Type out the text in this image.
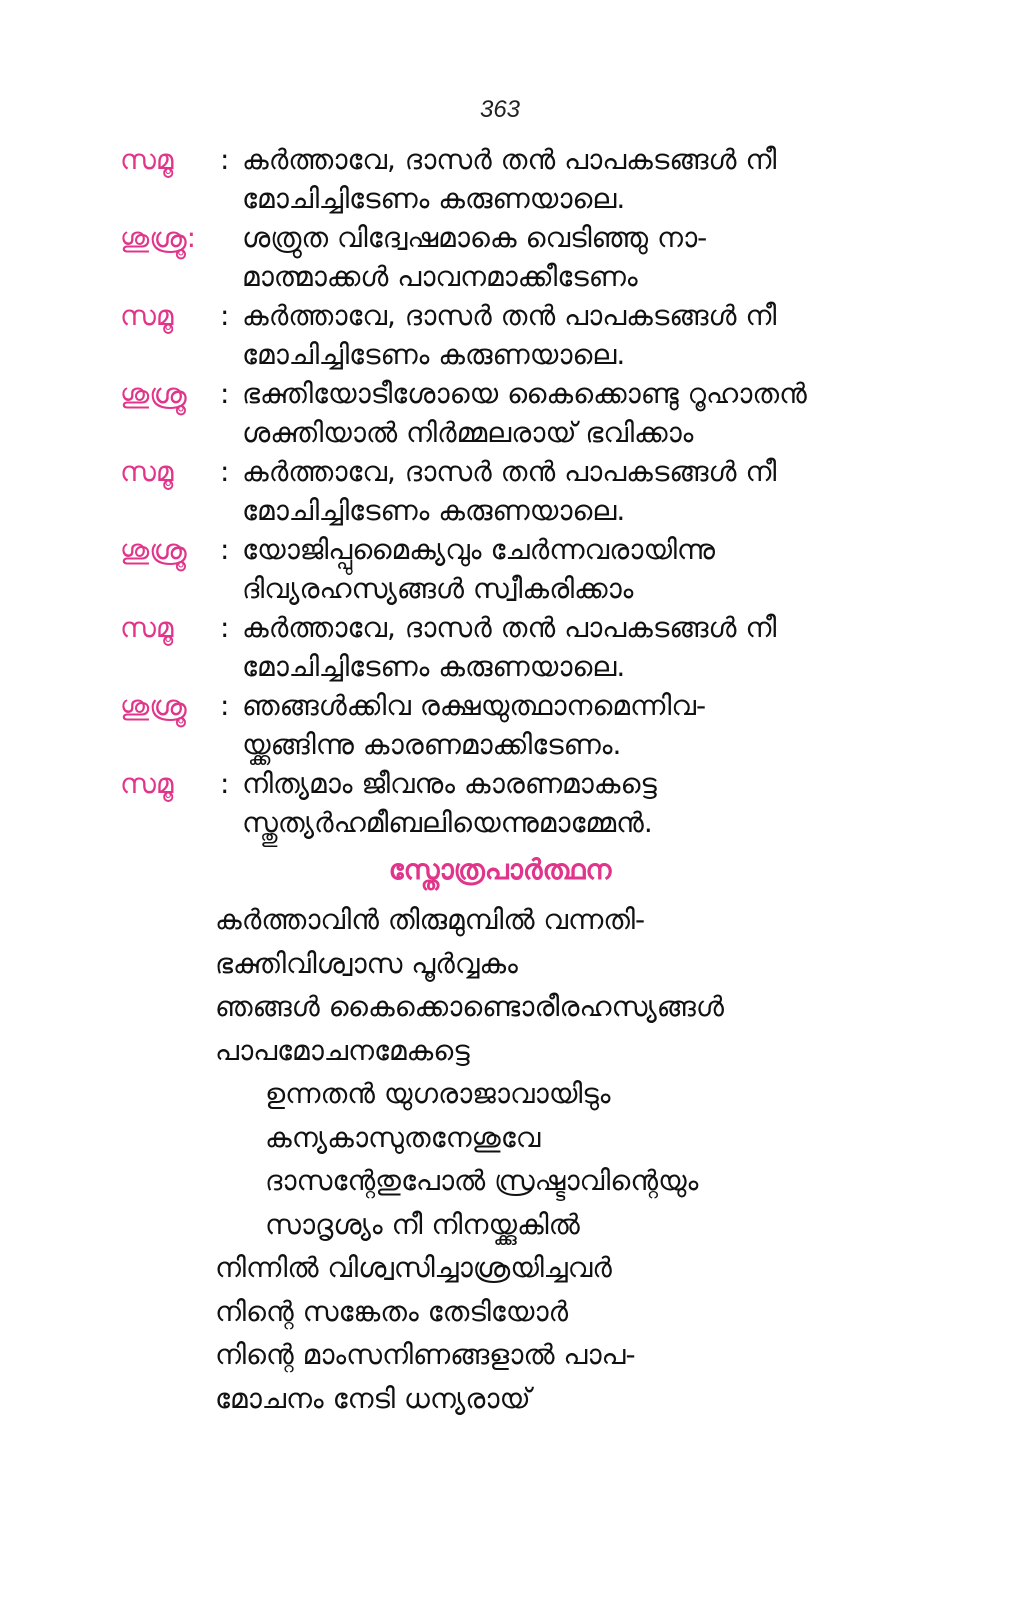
363
സമൂ	: കർത്താവേ, ദാസർ തൻ പാപകടങ്ങൾ നീ
മോചിച്ചിടേണം കരുണയാലെ.
ശുശ്രൂ:	ശത്രുത വിദ്വേഷമാകെ വെടിഞ്ഞു നാ-
മാത്മാക്കൾ പാവനമാക്കീടേണം
സമൂ	: കർത്താവേ, ദാസർ തൻ പാപകടങ്ങൾ നീ
മോചിച്ചിടേണം കരുണയാലെ.
ശുശ്രൂ	: ഭക്തിയോടീശോയെ കൈക്കൊണ്ടു റൂഹാതൻ
ശക്തിയാൽ നിർമ്മലരായ് ഭവിക്കാം
സമൂ	: കർത്താവേ, ദാസർ തൻ പാപകടങ്ങൾ നീ
മോചിച്ചിടേണം കരുണയാലെ.
ശുശ്രൂ	: യോജിപ്പുമൈക്യവും ചേർന്നവരായിന്നു
ദിവ്യരഹസ്യങ്ങൾ സ്വീകരിക്കാം
സമൂ	: കർത്താവേ, ദാസർ തൻ പാപകടങ്ങൾ നീ
മോചിച്ചിടേണം കരുണയാലെ.
ശുശ്രൂ	: ഞങ്ങൾക്കിവ രക്ഷയുത്ഥാനമെന്നിവ-
യ്ക്കങ്ങിന്നു കാരണമാക്കിടേണം.
സമൂ	: നിത്യമാം ജീവനും കാരണമാകട്ടെ
സ്തുത്യർഹമീബലിയെന്നുമാമ്മേൻ.
സ്തോത്രപാർത്ഥന
കർത്താവിൻ തിരുമുമ്പിൽ വന്നതി-
ഭക്തിവിശ്വാസ പൂർവ്വകം
ഞങ്ങൾ കൈക്കൊണ്ടൊരീരഹസ്യങ്ങൾ
പാപമോചനമേകട്ടെ
ഉന്നതൻ യുഗരാജാവായിടും
കന്യകാസുതനേശുവേ
ദാസന്റേതുപോൽ സ്രഷ്ടാവിന്റെയും
സാദൃശ്യം നീ നിനയ്ക്കുകിൽ
നിന്നിൽ വിശ്വസിച്ചാശ്രയിച്ചവർ
നിന്റെ സങ്കേതം തേടിയോർ
നിന്റെ മാംസനിണങ്ങളാൽ പാപ-
മോചനം നേടി ധന്യരായ്
